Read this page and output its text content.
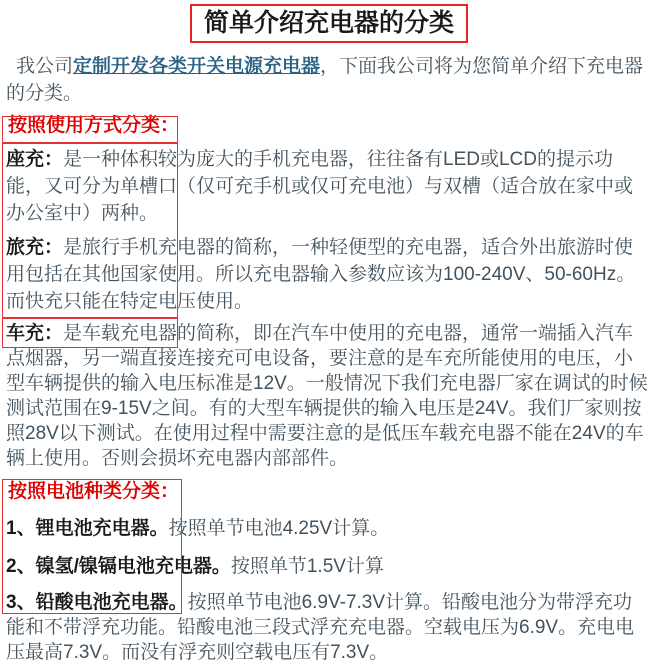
简单介绍充电器的分类

我公司定制开发各类开关电源充电器，下面我公司将为您简单介绍下充电器的分类。

按照使用方式分类：

座充：是一种体积较为庞大的手机充电器，往往备有LED或LCD的提示功能，又可分为单槽口（仅可充手机或仅可充电池）与双槽（适合放在家中或办公室中）两种。

旅充：是旅行手机充电器的简称，一种轻便型的充电器，适合外出旅游时使用包括在其他国家使用。所以充电器输入参数应该为100-240V、50-60Hz。而快充只能在特定电压使用。

车充：是车载充电器的简称，即在汽车中使用的充电器，通常一端插入汽车点烟器，另一端直接连接充可电设备，要注意的是车充所能使用的电压，小型车辆提供的输入电压标准是12V。一般情况下我们充电器厂家在调试的时候测试范围在9-15V之间。有的大型车辆提供的输入电压是24V。我们厂家则按照28V以下测试。在使用过程中需要注意的是低压车载充电器不能在24V的车辆上使用。否则会损坏充电器内部部件。

按照电池种类分类：

1、锂电池充电器。按照单节电池4.25V计算。

2、镍氢/镍镉电池充电器。按照单节1.5V计算

3、铅酸电池充电器。按照单节电池6.9V-7.3V计算。铅酸电池分为带浮充功能和不带浮充功能。铅酸电池三段式浮充充电器。空载电压为6.9V。充电电压最高7.3V。而没有浮充则空载电压有7.3V。
